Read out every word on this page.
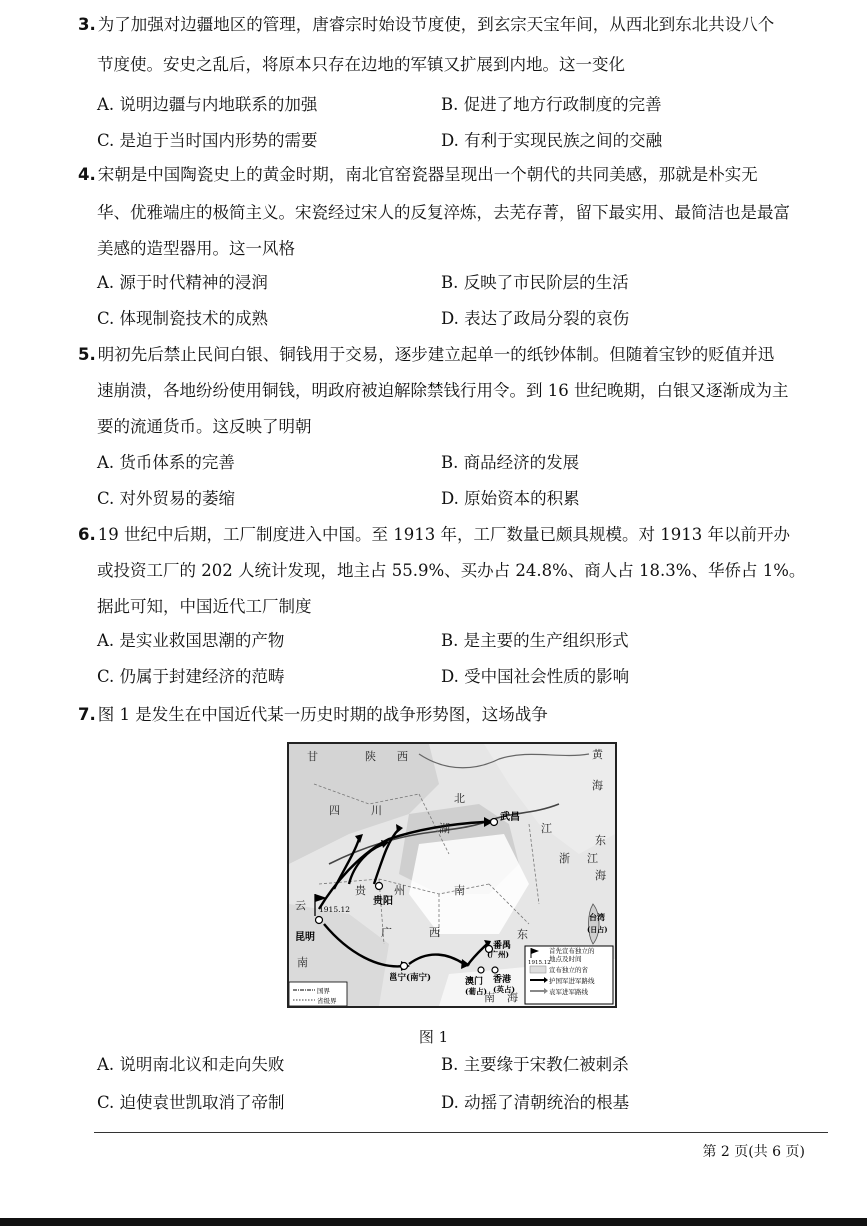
3. 为了加强对边疆地区的管理，唐睿宗时始设节度使，到玄宗天宝年间，从西北到东北共设八个
节度使。安史之乱后，将原本只存在边地的军镇又扩展到内地。这一变化
A. 说明边疆与内地联系的加强	B. 促进了地方行政制度的完善
C. 是迫于当时国内形势的需要	D. 有利于实现民族之间的交融
4. 宋朝是中国陶瓷史上的黄金时期，南北官窑瓷器呈现出一个朝代的共同美感，那就是朴实无
华、优雅端庄的极简主义。宋瓷经过宋人的反复淬炼，去芜存菁，留下最实用、最简洁也是最富
美感的造型器用。这一风格
A. 源于时代精神的浸润	B. 反映了市民阶层的生活
C. 体现制瓷技术的成熟	D. 表达了政局分裂的哀伤
5. 明初先后禁止民间白银、铜钱用于交易，逐步建立起单一的纸钞体制。但随着宝钞的贬值并迅
速崩溃，各地纷纷使用铜钱，明政府被迫解除禁钱行用令。到 16 世纪晚期，白银又逐渐成为主
要的流通货币。这反映了明朝
A. 货币体系的完善	B. 商品经济的发展
C. 对外贸易的萎缩	D. 原始资本的积累
6. 19 世纪中后期，工厂制度进入中国。至 1913 年，工厂数量已颇具规模。对 1913 年以前开办
或投资工厂的 202 人统计发现，地主占 55.9%、买办占 24.8%、商人占 18.3%、华侨占 1%。
据此可知，中国近代工厂制度
A. 是实业救国思潮的产物	B. 是主要的生产组织形式
C. 仍属于封建经济的范畴	D. 受中国社会性质的影响
7. 图 1 是发生在中国近代某一历史时期的战争形势图，这场战争
甘	陕 西
四	川
湖
北
江
浙 江
黄
海
东
海
贵	州	南
广	西
云
南
东
南 海
武昌
贵阳
昆明
邕宁(南宁)
番禺
(广州)
澳门
(葡占)
香港
(英占)
台湾
(日占)
1915.12
1915.12
首先宣布独立的
地点及时间
宣布独立的省
护国军进军路线
袁军进军路线
国界
省级界
图 1
A. 说明南北议和走向失败	B. 主要缘于宋教仁被刺杀
C. 迫使袁世凯取消了帝制	D. 动摇了清朝统治的根基
第 2 页(共 6 页)
